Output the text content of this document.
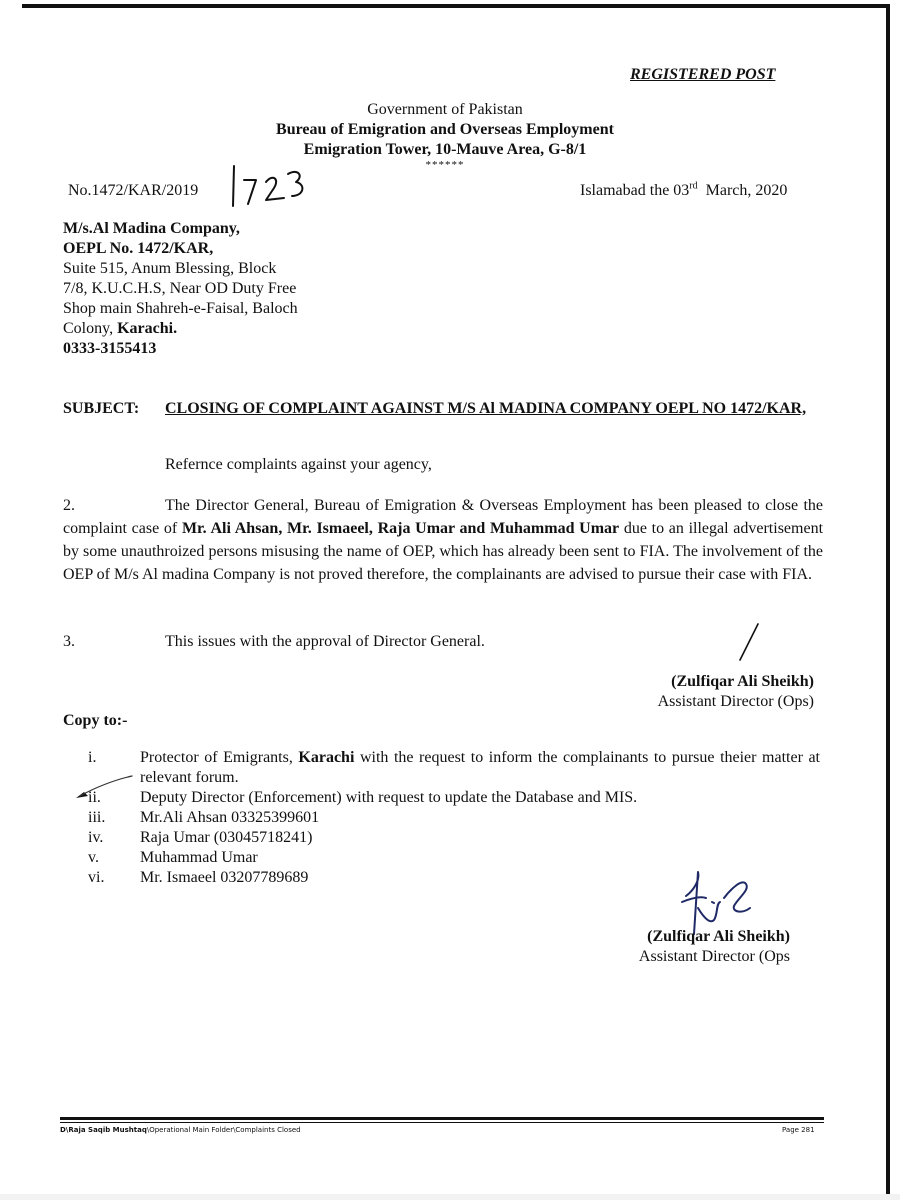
REGISTERED POST
Government of Pakistan
Bureau of Emigration and Overseas Employment
Emigration Tower, 10-Mauve Area, G-8/1
******
No.1472/KAR/2019	Islamabad the 03rd March, 2020
M/s.Al Madina Company,
OEPL No. 1472/KAR,
Suite 515, Anum Blessing, Block
7/8, K.U.C.H.S, Near OD Duty Free
Shop main Shahreh-e-Faisal, Baloch
Colony, Karachi.
0333-3155413
SUBJECT: CLOSING OF COMPLAINT AGAINST M/S Al MADINA COMPANY OEPL NO 1472/KAR,
Refernce complaints against your agency,
2.	The Director General, Bureau of Emigration & Overseas Employment has been pleased to close the complaint case of Mr. Ali Ahsan, Mr. Ismaeel, Raja Umar and Muhammad Umar due to an illegal advertisement by some unauthroized persons misusing the name of OEP, which has already been sent to FIA. The involvement of the OEP of M/s Al madina Company is not proved therefore, the complainants are advised to pursue their case with FIA.
3.	This issues with the approval of Director General.
(Zulfiqar Ali Sheikh)
Assistant Director (Ops)
Copy to:-
i.	Protector of Emigrants, Karachi with the request to inform the complainants to pursue theier matter at relevant forum.
ii. Deputy Director (Enforcement) with request to update the Database and MIS.
iii. Mr.Ali Ahsan 03325399601
iv. Raja Umar (03045718241)
v.	Muhammad Umar
vi. Mr. Ismaeel 03207789689
(Zulfiqar Ali Sheikh)
Assistant Director (Ops
D\Raja Saqib Mushtaq\Operational Main Folder\Complaints Closed	Page 281
